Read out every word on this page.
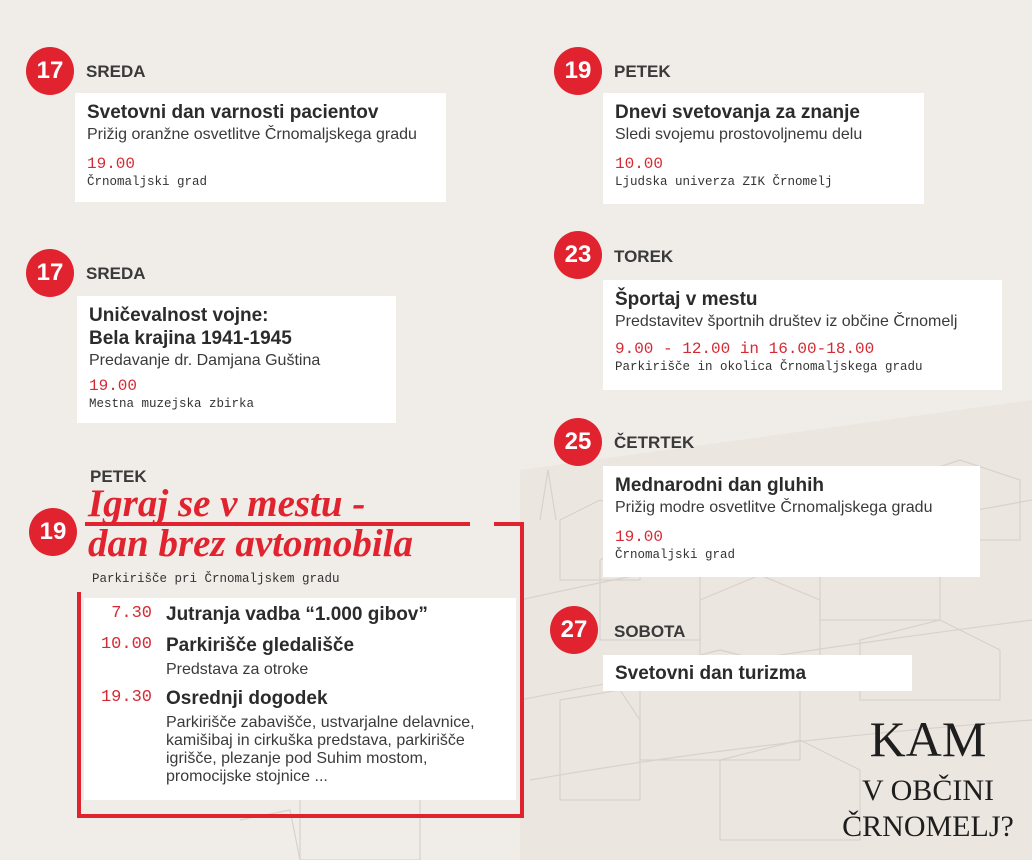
17	SREDA
Svetovni dan varnosti pacientov
Prižig oranžne osvetlitve Črnomaljskega gradu
19.00
Črnomaljski grad
17	SREDA
Uničevalnost vojne:
Bela krajina 1941-1945
Predavanje dr. Damjana Guština
19.00
Mestna muzejska zbirka
19	PETEK
Dnevi svetovanja za znanje
Sledi svojemu prostovoljnemu delu
10.00
Ljudska univerza ZIK Črnomelj
23	TOREK
Športaj v mestu
Predstavitev športnih društev iz občine Črnomelj
9.00 - 12.00 in 16.00-18.00
Parkirišče in okolica Črnomaljskega gradu
25	ČETRTEK
Mednarodni dan gluhih
Prižig modre osvetlitve Črnomaljskega gradu
19.00
Črnomaljski grad
27	SOBOTA
Svetovni dan turizma
19
PETEK
Igraj se v mestu -
dan brez avtomobila
Parkirišče pri Črnomaljskem gradu
7.30 Jutranja vadba “1.000 gibov”
10.00 Parkirišče gledališče
Predstava za otroke
19.30 Osrednji dogodek
Parkirišče zabavišče, ustvarjalne delavnice, kamišibaj in cirkuška predstava, parkirišče igrišče, plezanje pod Suhim mostom, promocijske stojnice ...
KAM
V OBČINI
ČRNOMELJ?
